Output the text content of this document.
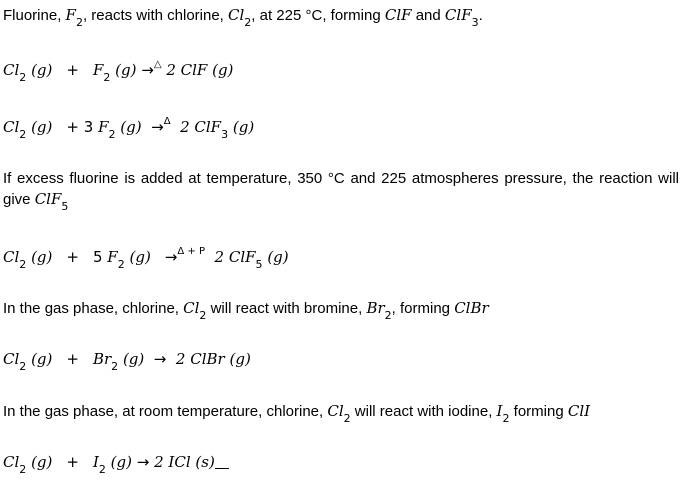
Fluorine, $F_2$, reacts with chlorine, $Cl_2$, at 225 °C, forming ClF and ClF$_3$.
$Cl_2$ $(g) + F_2$ (g) →△ 2 ClF (g)
$Cl_2$ (g) + 3 $F_2$ (g) →$^\Delta$ 2 ClF$_3$ (g)
If excess fluorine is added at temperature, 350 °C and 225 atmospheres pressure, the reaction will give ClF$_5$
$Cl_2$ (g) + 5 $F_2$ (g) →$^{\Delta + P}$ 2 ClF$_5$ (g)
In the gas phase, chlorine, $Cl_2$ will react with bromine, $Br_2$, forming ClBr
$Cl_2$ $(g) + Br_2$ (g) → 2 ClBr (g)
In the gas phase, at room temperature, chlorine, $Cl_2$ will react with iodine, $I_2$ forming ClI
$Cl_2$ $(g) + I_2$ (g) → 2 ICl (s)
